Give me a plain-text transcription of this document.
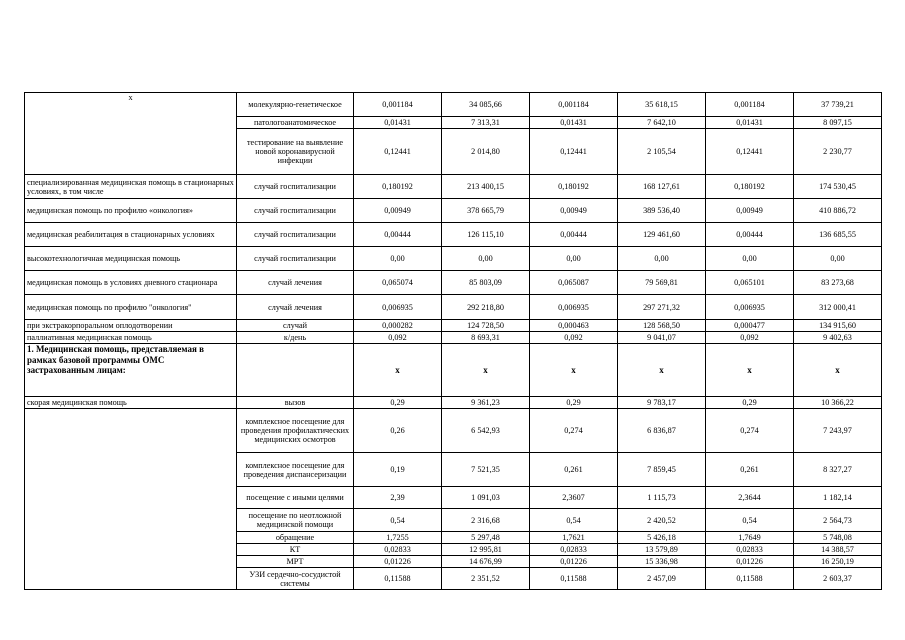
х	молекулярно-генетическое	0,001184	34 085,66	0,001184	35 618,15	0,001184	37 739,21
	патологоанатомическое	0,01431	7 313,31	0,01431	7 642,10	0,01431	8 097,15
	тестирование на выявление новой коронавирусной инфекции	0,12441	2 014,80	0,12441	2 105,54	0,12441	2 230,77
специализированная медицинская помощь в стационарных условиях, в том числе	случай госпитализации	0,180192	213 400,15	0,180192	168 127,61	0,180192	174 530,45
медицинская помощь по профилю «онкология»	случай госпитализации	0,00949	378 665,79	0,00949	389 536,40	0,00949	410 886,72
медицинская реабилитация в стационарных условиях	случай госпитализации	0,00444	126 115,10	0,00444	129 461,60	0,00444	136 685,55
высокотехнологичная медицинская помощь	случай госпитализации	0,00	0,00	0,00	0,00	0,00	0,00
медицинская помощь в условиях дневного стационара	случай лечения	0,065074	85 803,09	0,065087	79 569,81	0,065101	83 273,68
медицинская помощь по профилю "онкология"	случай лечения	0,006935	292 218,80	0,006935	297 271,32	0,006935	312 000,41
при экстракорпоральном оплодотворении	случай	0,000282	124 728,50	0,000463	128 568,50	0,000477	134 915,60
паллиативная медицинская помощь	к/день	0,092	8 693,31	0,092	9 041,07	0,092	9 402,63
1. Медицинская помощь, представляемая в рамках базовой программы ОМС застрахованным лицам:		х	х	х	х	х	х
скорая медицинская помощь	вызов	0,29	9 361,23	0,29	9 783,17	0,29	10 366,22
	комплексное посещение для проведения профилактических медицинских осмотров	0,26	6 542,93	0,274	6 836,87	0,274	7 243,97
	комплексное посещение для проведения диспансеризации	0,19	7 521,35	0,261	7 859,45	0,261	8 327,27
	посещение с иными целями	2,39	1 091,03	2,3607	1 115,73	2,3644	1 182,14
	посещение по неотложной медицинской помощи	0,54	2 316,68	0,54	2 420,52	0,54	2 564,73
	обращение	1,7255	5 297,48	1,7621	5 426,18	1,7649	5 748,08
	КТ	0,02833	12 995,81	0,02833	13 579,89	0,02833	14 388,57
	МРТ	0,01226	14 676,99	0,01226	15 336,98	0,01226	16 250,19
	УЗИ сердечно-сосудистой системы	0,11588	2 351,52	0,11588	2 457,09	0,11588	2 603,37
